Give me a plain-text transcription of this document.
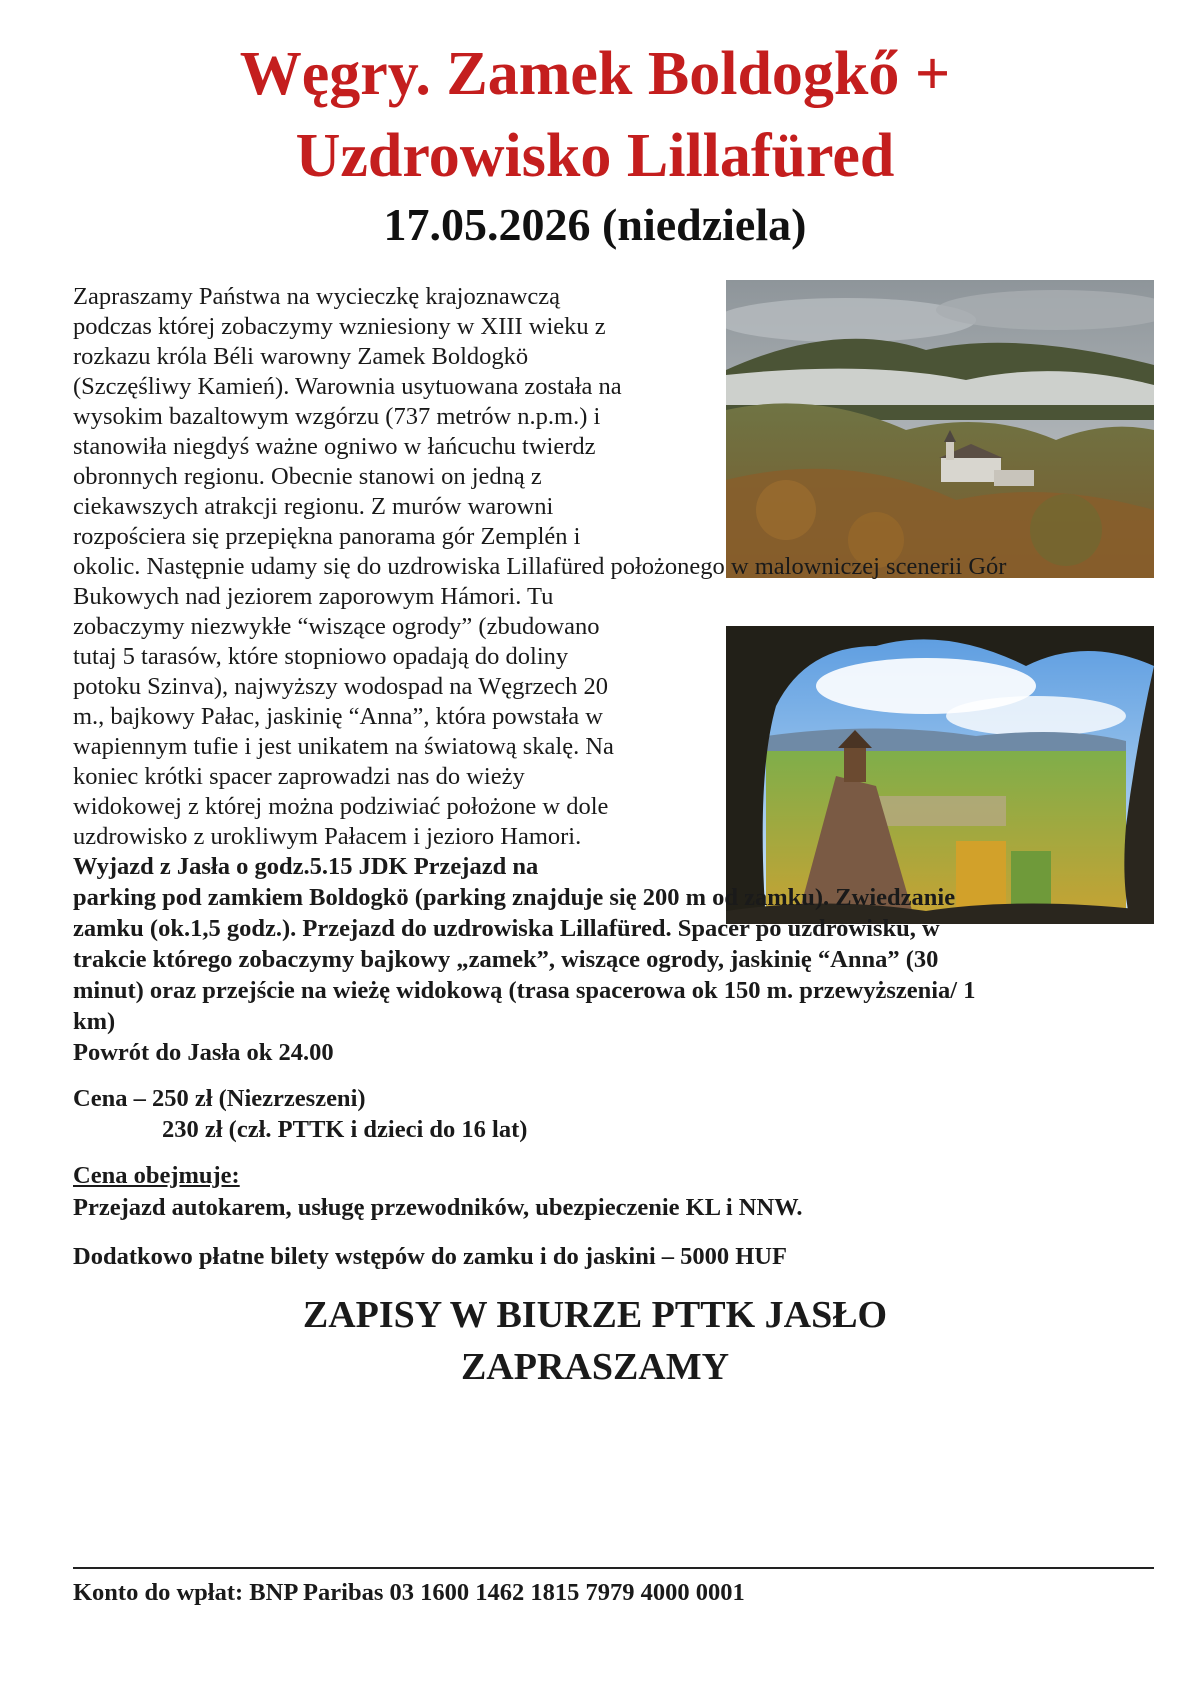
Węgry. Zamek Boldogkő +
Uzdrowisko Lillafüred
17.05.2026 (niedziela)
Zapraszamy Państwa na wycieczkę krajoznawczą
podczas której zobaczymy wzniesiony w XIII wieku z
rozkazu króla Béli warowny Zamek Boldogkö
(Szczęśliwy Kamień). Warownia usytuowana została na
wysokim bazaltowym wzgórzu (737 metrów n.p.m.) i
stanowiła niegdyś ważne ogniwo w łańcuchu twierdz
obronnych regionu. Obecnie stanowi on jedną z
ciekawszych atrakcji regionu. Z murów warowni
rozpościera się przepiękna panorama gór Zemplén i
okolic. Następnie udamy się do uzdrowiska Lillafüred położonego w malowniczej scenerii Gór
Bukowych nad jeziorem zaporowym Hámori. Tu
zobaczymy niezwykłe “wiszące ogrody” (zbudowano
tutaj 5 tarasów, które stopniowo opadają do doliny
potoku Szinva), najwyższy wodospad na Węgrzech 20
m., bajkowy Pałac, jaskinię “Anna”, która powstała w
wapiennym tufie i jest unikatem na światową skalę. Na
koniec krótki spacer zaprowadzi nas do wieży
widokowej z której można podziwiać położone w dole
uzdrowisko z urokliwym Pałacem i jezioro Hamori.
Wyjazd z Jasła o godz.5.15 JDK Przejazd na
parking pod zamkiem Boldogkö (parking znajduje się 200 m od zamku). Zwiedzanie
zamku (ok.1,5 godz.). Przejazd do uzdrowiska Lillafüred. Spacer po uzdrowisku, w
trakcie którego zobaczymy bajkowy „zamek”, wiszące ogrody, jaskinię “Anna” (30
minut) oraz przejście na wieżę widokową (trasa spacerowa ok 150 m. przewyższenia/ 1
km)
Powrót do Jasła ok 24.00
Cena – 250 zł (Niezrzeszeni)
230 zł (czł. PTTK i dzieci do 16 lat)
Cena obejmuje:
Przejazd autokarem, usługę przewodników, ubezpieczenie KL i NNW.
Dodatkowo płatne bilety wstępów do zamku i do jaskini – 5000 HUF
ZAPISY W BIURZE PTTK JASŁO
ZAPRASZAMY
Konto do wpłat: BNP Paribas 03 1600 1462 1815 7979 4000 0001
